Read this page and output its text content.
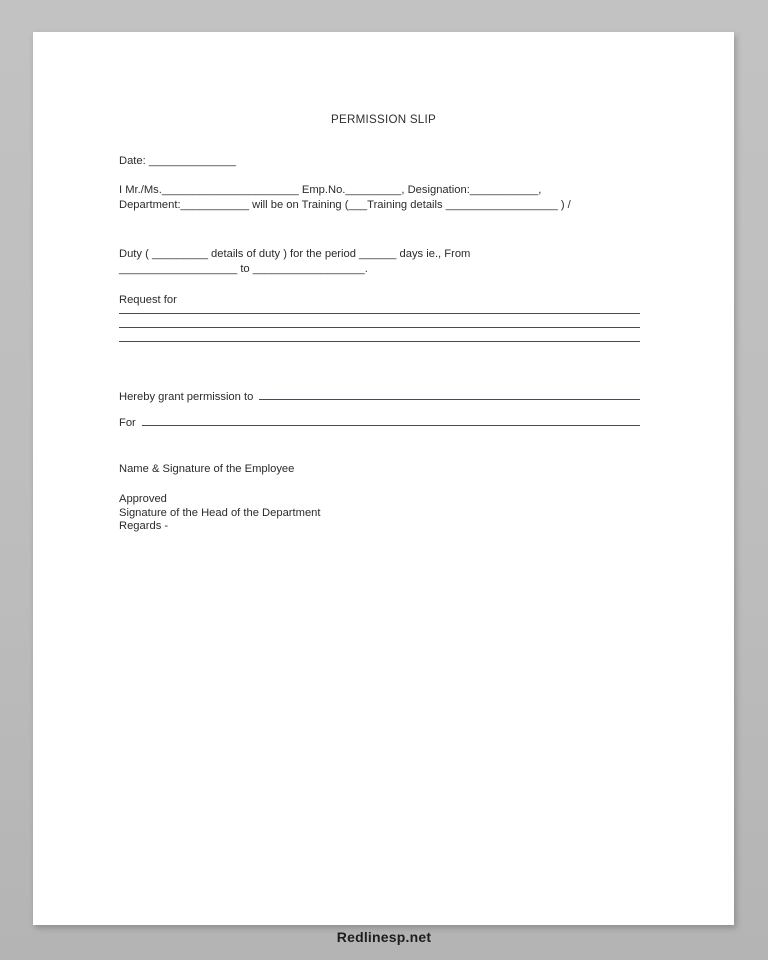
PERMISSION SLIP
Date: ______________
I Mr./Ms.______________________ Emp.No._________, Designation:___________,
Department:___________ will be on Training (___Training details __________________ ) /
Duty ( _________ details of duty ) for the period ______ days ie., From
___________________ to __________________.
Request for
Hereby grant permission to
For
Name & Signature of the Employee
Approved
Signature of the Head of the Department
Regards -
Redlinesp.net
